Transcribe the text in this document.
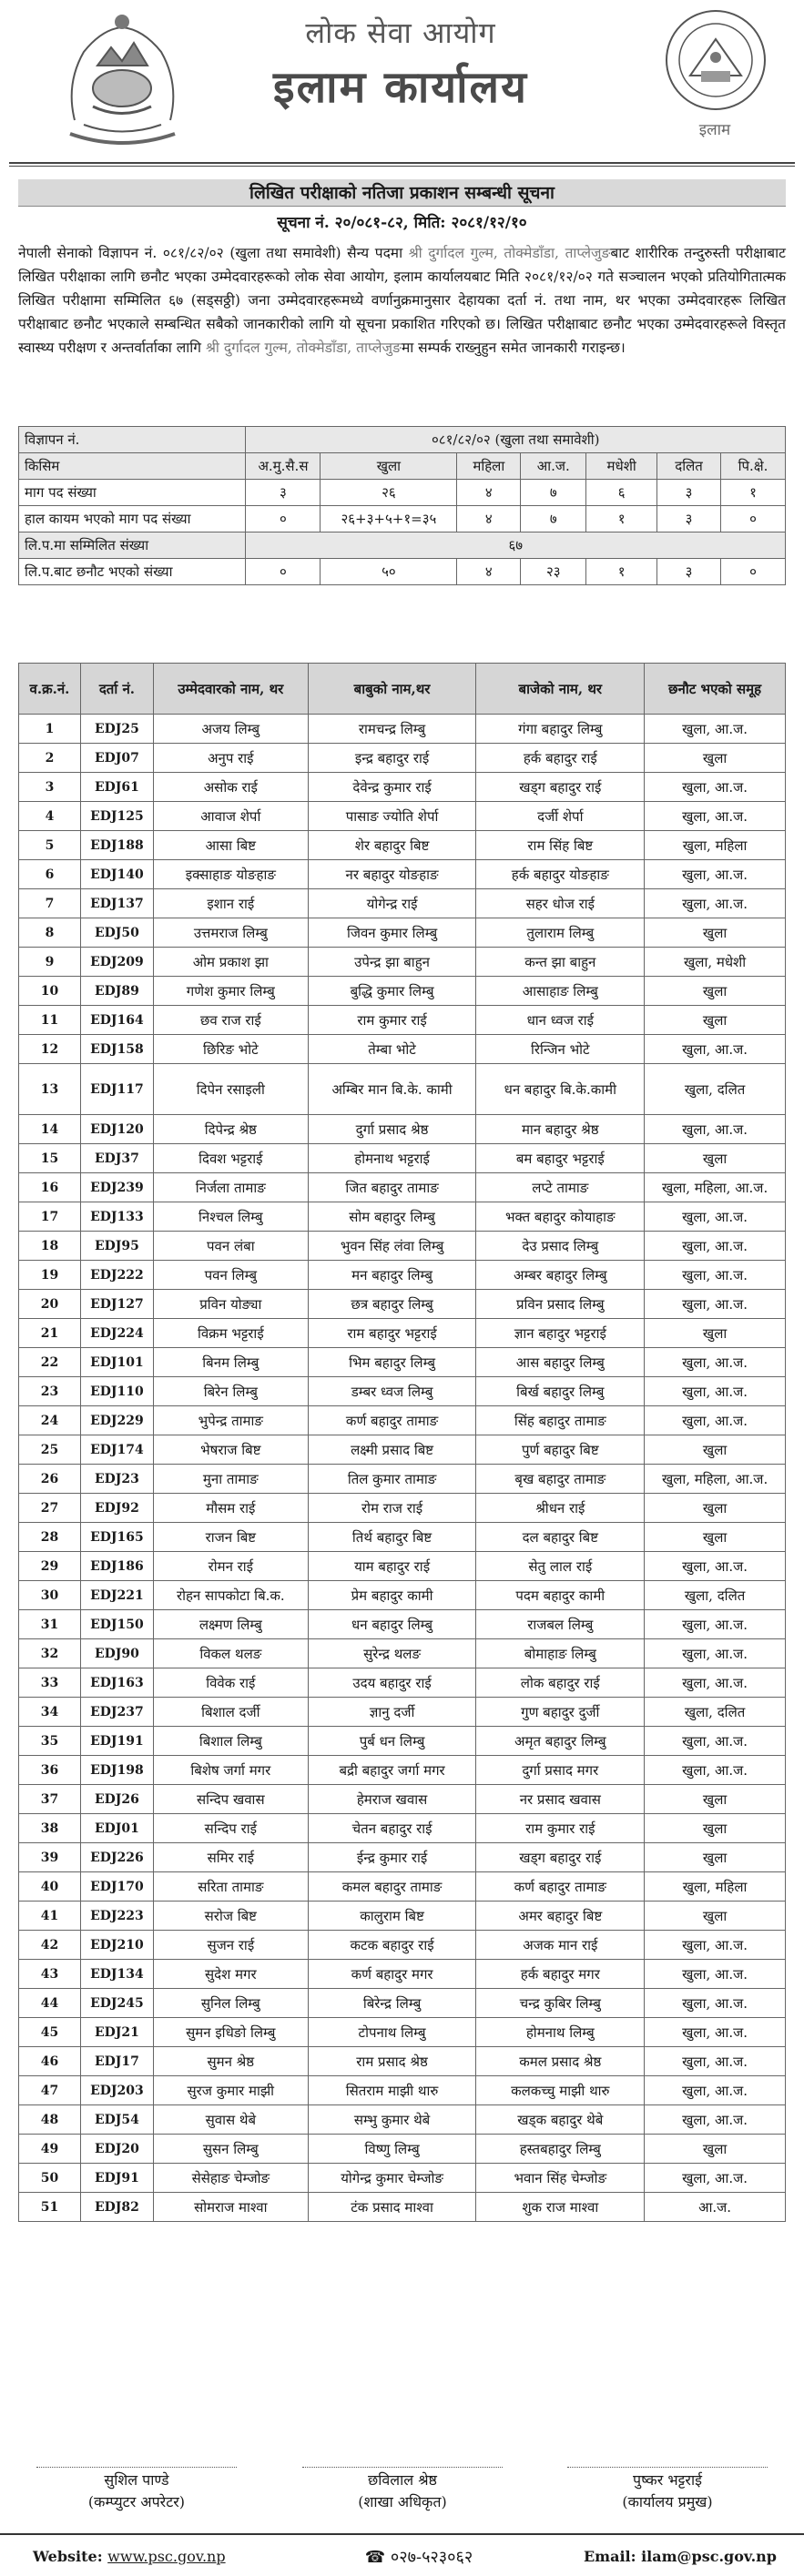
लोक सेवा आयोग
इलाम कार्यालय
इलाम
लिखित परीक्षाको नतिजा प्रकाशन सम्बन्धी सूचना
सूचना नं. २०/०८१-८२, मिति: २०८१/१२/१०
नेपाली सेनाको विज्ञापन नं. ०८१/८२/०२ (खुला तथा समावेशी) सैन्य पदमा श्री दुर्गादल गुल्म, तोक्मेडाँडा, ताप्लेजुङबाट शारीरिक तन्दुरुस्ती परीक्षाबाट लिखित परीक्षाका लागि छनौट भएका उम्मेदवारहरूको लोक सेवा आयोग, इलाम कार्यालयबाट मिति २०८१/१२/०२ गते सञ्चालन भएको प्रतियोगितात्मक लिखित परीक्षामा सम्मिलित ६७ (सड्सठ्ठी) जना उम्मेदवारहरूमध्ये वर्णानुक्रमानुसार देहायका दर्ता नं. तथा नाम, थर भएका उम्मेदवारहरू लिखित परीक्षाबाट छनौट भएकाले सम्बन्धित सबैको जानकारीको लागि यो सूचना प्रकाशित गरिएको छ। लिखित परीक्षाबाट छनौट भएका उम्मेदवारहरूले विस्तृत स्वास्थ्य परीक्षण र अन्तर्वार्ताका लागि श्री दुर्गादल गुल्म, तोक्मेडाँडा, ताप्लेजुङमा सम्पर्क राख्नुहुन समेत जानकारी गराइन्छ।
विज्ञापन नं.	०८१/८२/०२ (खुला तथा समावेशी)						
किसिम	अ.मु.सै.स	खुला	महिला	आ.ज.	मधेशी	दलित	पि.क्षे.
माग पद संख्या	३	२६	४	७	६	३	१
हाल कायम भएको माग पद संख्या	०	२६+३+५+१=३५	४	७	१	३	०
लि.प.मा सम्मिलित संख्या	६७						
लि.प.बाट छनौट भएको संख्या	०	५०	४	२३	१	३	०
व.क्र.नं.	दर्ता नं.	उम्मेदवारको नाम, थर	बाबुको नाम,थर	बाजेको नाम, थर	छनौट भएको समूह
1	EDJ25	अजय लिम्बु	रामचन्द्र लिम्बु	गंगा बहादुर लिम्बु	खुला, आ.ज.
2	EDJ07	अनुप राई	इन्द्र बहादुर राई	हर्क बहादुर राई	खुला
3	EDJ61	असोक राई	देवेन्द्र कुमार राई	खड्ग बहादुर राई	खुला, आ.ज.
4	EDJ125	आवाज शेर्पा	पासाङ ज्योति शेर्पा	दर्जी शेर्पा	खुला, आ.ज.
5	EDJ188	आसा बिष्ट	शेर बहादुर बिष्ट	राम सिंह बिष्ट	खुला, महिला
6	EDJ140	इक्साहाङ योङहाङ	नर बहादुर योङहाङ	हर्क बहादुर योङहाङ	खुला, आ.ज.
7	EDJ137	इशान राई	योगेन्द्र राई	सहर धोज राई	खुला, आ.ज.
8	EDJ50	उत्तमराज लिम्बु	जिवन कुमार लिम्बु	तुलाराम लिम्बु	खुला
9	EDJ209	ओम प्रकाश झा	उपेन्द्र झा बाहुन	कन्त झा बाहुन	खुला, मधेशी
10	EDJ89	गणेश कुमार लिम्बु	बुद्धि कुमार लिम्बु	आसाहाङ लिम्बु	खुला
11	EDJ164	छव राज राई	राम कुमार राई	धान ध्वज राई	खुला
12	EDJ158	छिरिङ भोटे	तेम्बा भोटे	रिन्जिन भोटे	खुला, आ.ज.
13	EDJ117	दिपेन रसाइली	अम्बिर मान बि.के. कामी	धन बहादुर बि.के.कामी	खुला, दलित
14	EDJ120	दिपेन्द्र श्रेष्ठ	दुर्गा प्रसाद श्रेष्ठ	मान बहादुर श्रेष्ठ	खुला, आ.ज.
15	EDJ37	दिवश भट्टराई	होमनाथ भट्टराई	बम बहादुर भट्टराई	खुला
16	EDJ239	निर्जला तामाङ	जित बहादुर तामाङ	लप्टे तामाङ	खुला, महिला, आ.ज.
17	EDJ133	निश्चल लिम्बु	सोम बहादुर लिम्बु	भक्त बहादुर कोयाहाङ	खुला, आ.ज.
18	EDJ95	पवन लंबा	भुवन सिंह लंवा लिम्बु	देउ प्रसाद लिम्बु	खुला, आ.ज.
19	EDJ222	पवन लिम्बु	मन बहादुर लिम्बु	अम्बर बहादुर लिम्बु	खुला, आ.ज.
20	EDJ127	प्रविन योङ्या	छत्र बहादुर लिम्बु	प्रविन प्रसाद लिम्बु	खुला, आ.ज.
21	EDJ224	विक्रम भट्टराई	राम बहादुर भट्टराई	ज्ञान बहादुर भट्टराई	खुला
22	EDJ101	बिनम लिम्बु	भिम बहादुर लिम्बु	आस बहादुर लिम्बु	खुला, आ.ज.
23	EDJ110	बिरेन लिम्बु	डम्बर ध्वज लिम्बु	बिर्ख बहादुर लिम्बु	खुला, आ.ज.
24	EDJ229	भुपेन्द्र तामाङ	कर्ण बहादुर तामाङ	सिंह बहादुर तामाङ	खुला, आ.ज.
25	EDJ174	भेषराज बिष्ट	लक्ष्मी प्रसाद बिष्ट	पुर्ण बहादुर बिष्ट	खुला
26	EDJ23	मुना तामाङ	तिल कुमार तामाङ	बृख बहादुर तामाङ	खुला, महिला, आ.ज.
27	EDJ92	मौसम राई	रोम राज राई	श्रीधन राई	खुला
28	EDJ165	राजन बिष्ट	तिर्थ बहादुर बिष्ट	दल बहादुर बिष्ट	खुला
29	EDJ186	रोमन राई	याम बहादुर राई	सेतु लाल राई	खुला, आ.ज.
30	EDJ221	रोहन सापकोटा बि.क.	प्रेम बहादुर कामी	पदम बहादुर कामी	खुला, दलित
31	EDJ150	लक्ष्मण लिम्बु	धन बहादुर लिम्बु	राजबल लिम्बु	खुला, आ.ज.
32	EDJ90	विकल थलङ	सुरेन्द्र थलङ	बोमाहाङ लिम्बु	खुला, आ.ज.
33	EDJ163	विवेक राई	उदय बहादुर राई	लोक बहादुर राई	खुला, आ.ज.
34	EDJ237	बिशाल दर्जी	ज्ञानु दर्जी	गुण बहादुर दुर्जी	खुला, दलित
35	EDJ191	बिशाल लिम्बु	पुर्ब धन लिम्बु	अमृत बहादुर लिम्बु	खुला, आ.ज.
36	EDJ198	बिशेष जर्गा मगर	बद्री बहादुर जर्गा मगर	दुर्गा प्रसाद मगर	खुला, आ.ज.
37	EDJ26	सन्दिप खवास	हेमराज खवास	नर प्रसाद खवास	खुला
38	EDJ01	सन्दिप राई	चेतन बहादुर राई	राम कुमार राई	खुला
39	EDJ226	समिर राई	ईन्द्र कुमार राई	खड्ग बहादुर राई	खुला
40	EDJ170	सरिता तामाङ	कमल बहादुर तामाङ	कर्ण बहादुर तामाङ	खुला, महिला
41	EDJ223	सरोज बिष्ट	कालुराम बिष्ट	अमर बहादुर बिष्ट	खुला
42	EDJ210	सुजन राई	कटक बहादुर राई	अजक मान राई	खुला, आ.ज.
43	EDJ134	सुदेश मगर	कर्ण बहादुर मगर	हर्क बहादुर मगर	खुला, आ.ज.
44	EDJ245	सुनिल लिम्बु	बिरेन्द्र लिम्बु	चन्द्र कुबिर लिम्बु	खुला, आ.ज.
45	EDJ21	सुमन इधिङो लिम्बु	टोपनाथ लिम्बु	होमनाथ लिम्बु	खुला, आ.ज.
46	EDJ17	सुमन श्रेष्ठ	राम प्रसाद श्रेष्ठ	कमल प्रसाद श्रेष्ठ	खुला, आ.ज.
47	EDJ203	सुरज कुमार माझी	सितराम माझी थारु	कलकच्चु माझी थारु	खुला, आ.ज.
48	EDJ54	सुवास थेबे	सम्भु कुमार थेबे	खड्क बहादुर थेबे	खुला, आ.ज.
49	EDJ20	सुसन लिम्बु	विष्णु लिम्बु	हस्तबहादुर लिम्बु	खुला
50	EDJ91	सेसेहाङ चेम्जोङ	योगेन्द्र कुमार चेम्जोङ	भवान सिंह चेम्जोङ	खुला, आ.ज.
51	EDJ82	सोमराज माश्वा	टंक प्रसाद माश्वा	शुक राज माश्वा	आ.ज.
सुशिल पाण्डे
(कम्प्युटर अपरेटर)
छविलाल श्रेष्ठ
(शाखा अधिकृत)
पुष्कर भट्टराई
(कार्यालय प्रमुख)
Website: www.psc.gov.np	☎ ०२७-५२३०६२	Email: ilam@psc.gov.np
